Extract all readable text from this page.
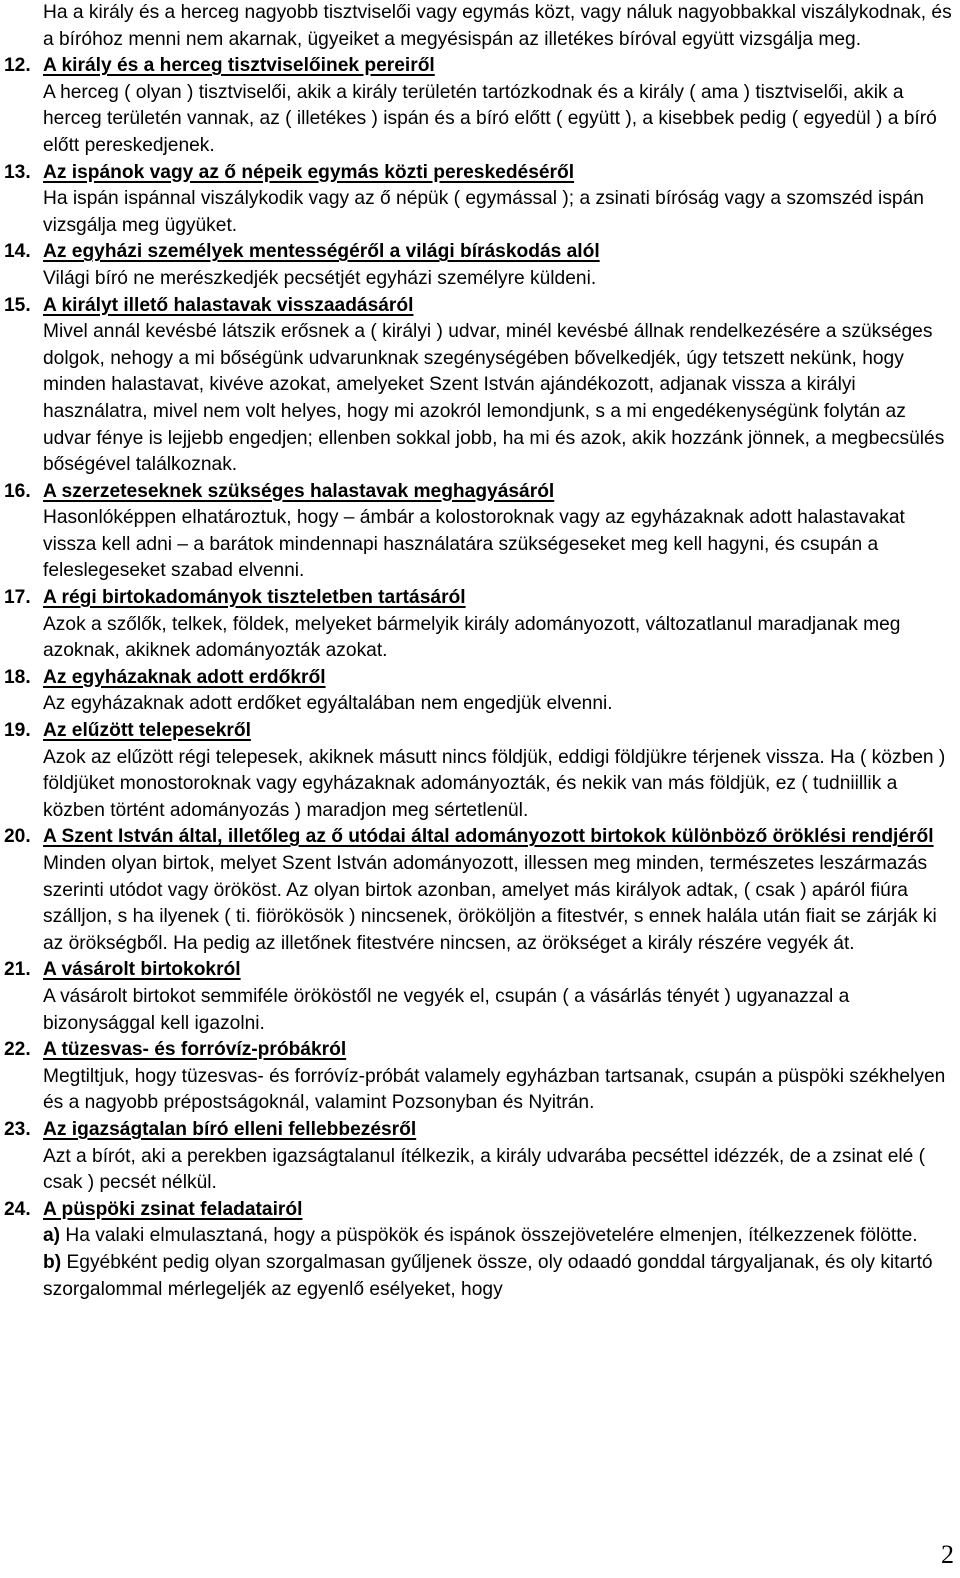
Ha a király és a herceg nagyobb tisztviselői vagy egymás közt, vagy náluk nagyobbakkal viszálykodnak, és a bíróhoz menni nem akarnak, ügyeiket a megyésispán az illetékes bíróval együtt vizsgálja meg.

12. A király és a herceg tisztviselőinek pereiről
A herceg ( olyan ) tisztviselői, akik a király területén tartózkodnak és a király ( ama ) tisztviselői, akik a herceg területén vannak, az ( illetékes ) ispán és a bíró előtt ( együtt ), a kisebbek pedig ( egyedül ) a bíró előtt pereskedjenek.
13. Az ispánok vagy az ő népeik egymás közti pereskedéséről
Ha ispán ispánnal viszálykodik vagy az ő népük ( egymással ); a zsinati bíróság vagy a szomszéd ispán vizsgálja meg ügyüket.
14. Az egyházi személyek mentességéről a világi bíráskodás alól
Világi bíró ne merészkedjék pecsétjét egyházi személyre küldeni.
15. A királyt illető halastavak visszaadásáról
Mivel annál kevésbé látszik erősnek a ( királyi ) udvar, minél kevésbé állnak rendelkezésére a szükséges dolgok, nehogy a mi bőségünk udvarunknak szegénységében bővelkedjék, úgy tetszett nekünk, hogy minden halastavat, kivéve azokat, amelyeket Szent István ajándékozott, adjanak vissza a királyi használatra, mivel nem volt helyes, hogy mi azokról lemondjunk, s a mi engedékenységünk folytán az udvar fénye is lejjebb engedjen; ellenben sokkal jobb, ha mi és azok, akik hozzánk jönnek, a megbecsülés bőségével találkoznak.
16. A szerzeteseknek szükséges halastavak meghagyásáról
Hasonlóképpen elhatároztuk, hogy – ámbár a kolostoroknak vagy az egyházaknak adott halastavakat vissza kell adni – a barátok mindennapi használatára szükségeseket meg kell hagyni, és csupán a feleslegeseket szabad elvenni.
17. A régi birtokadományok tiszteletben tartásáról
Azok a szőlők, telkek, földek, melyeket bármelyik király adományozott, változatlanul maradjanak meg azoknak, akiknek adományozták azokat.
18. Az egyházaknak adott erdőkről
Az egyházaknak adott erdőket egyáltalában nem engedjük elvenni.
19. Az elűzött telepesekről
Azok az elűzött régi telepesek, akiknek másutt nincs földjük, eddigi földjükre térjenek vissza. Ha ( közben ) földjüket monostoroknak vagy egyházaknak adományozták, és nekik van más földjük, ez ( tudniillik a közben történt adományozás ) maradjon meg sértetlenül.
20. A Szent István által, illetőleg az ő utódai által adományozott birtokok különböző öröklési rendjéről
Minden olyan birtok, melyet Szent István adományozott, illessen meg minden, természetes leszármazás szerinti utódot vagy örököst. Az olyan birtok azonban, amelyet más királyok adtak, ( csak ) apáról fiúra szálljon, s ha ilyenek ( ti. fiörökösök ) nincsenek, örököljön a fitestvér, s ennek halála után fiait se zárják ki az örökségből. Ha pedig az illetőnek fitestvére nincsen, az örökséget a király részére vegyék át.
21. A vásárolt birtokokról
A vásárolt birtokot semmiféle örököstől ne vegyék el, csupán ( a vásárlás tényét ) ugyanazzal a bizonysággal kell igazolni.
22. A tüzesvas- és forróvíz-próbákról
Megtiltjuk, hogy tüzesvas- és forróvíz-próbát valamely egyházban tartsanak, csupán a püspöki székhelyen és a nagyobb prépostságoknál, valamint Pozsonyban és Nyitrán.
23. Az igazságtalan bíró elleni fellebbezésről
Azt a bírót, aki a perekben igazságtalanul ítélkezik, a király udvarába pecséttel idézzék, de a zsinat elé ( csak ) pecsét nélkül.
24. A püspöki zsinat feladatairól
a) Ha valaki elmulasztaná, hogy a püspökök és ispánok összejövetelére elmenjen, ítélkezzenek fölötte.
b) Egyébként pedig olyan szorgalmasan gyűljenek össze, oly odaadó gonddal tárgyaljanak, és oly kitartó szorgalommal mérlegeljék az egyenlő esélyeket, hogy
2
